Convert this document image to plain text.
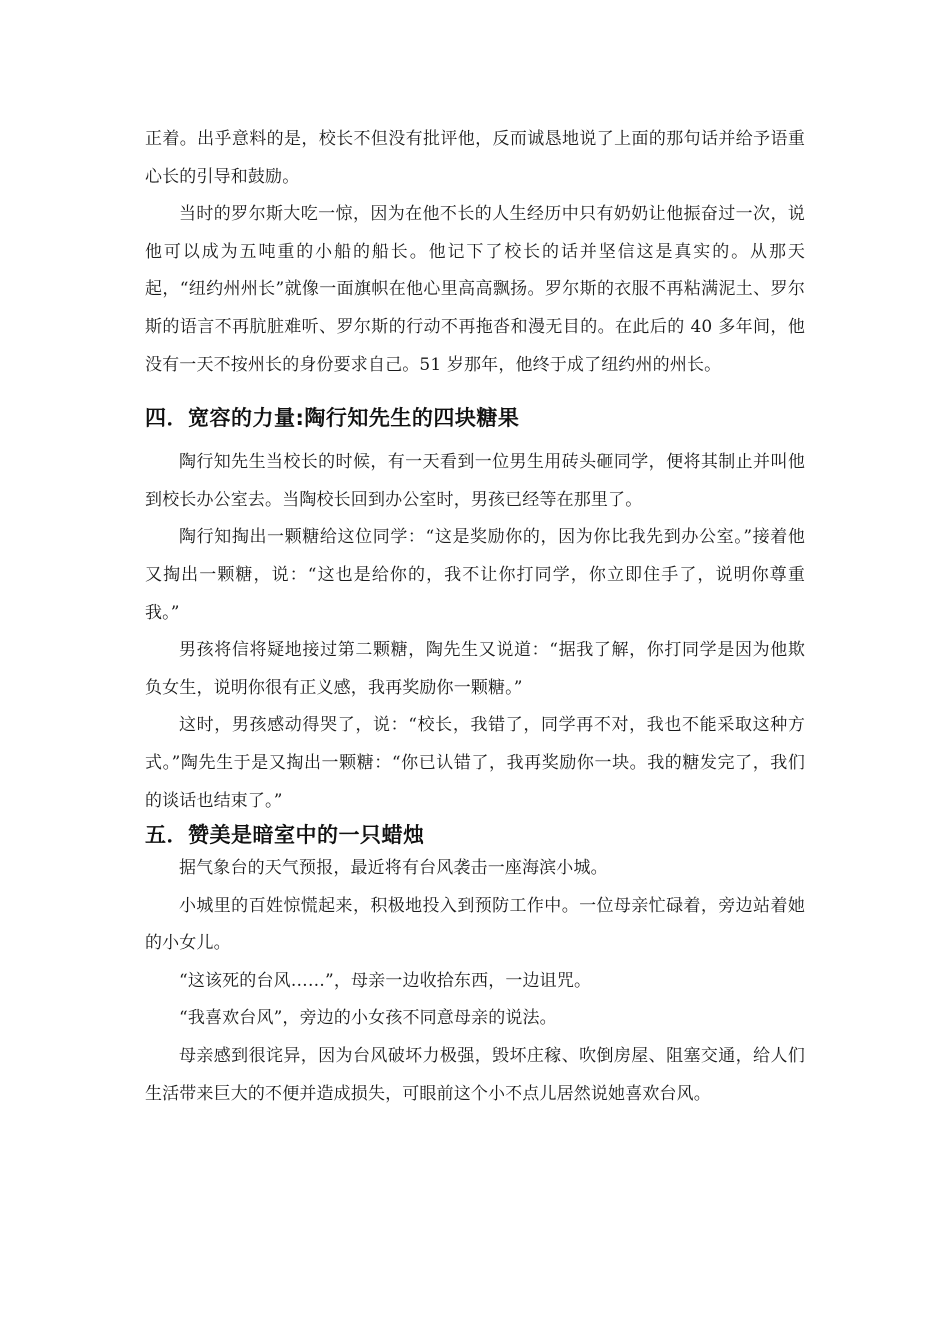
正着。出乎意料的是，校长不但没有批评他，反而诚恳地说了上面的那句话并给予语重心长的引导和鼓励。

当时的罗尔斯大吃一惊，因为在他不长的人生经历中只有奶奶让他振奋过一次，说他可以成为五吨重的小船的船长。他记下了校长的话并坚信这是真实的。从那天起，“纽约州州长”就像一面旗帜在他心里高高飘扬。罗尔斯的衣服不再粘满泥土、罗尔斯的语言不再肮脏难听、罗尔斯的行动不再拖沓和漫无目的。在此后的 40 多年间，他没有一天不按州长的身份要求自己。51 岁那年，他终于成了纽约州的州长。

四．宽容的力量:陶行知先生的四块糖果

陶行知先生当校长的时候，有一天看到一位男生用砖头砸同学，便将其制止并叫他到校长办公室去。当陶校长回到办公室时，男孩已经等在那里了。

陶行知掏出一颗糖给这位同学：“这是奖励你的，因为你比我先到办公室。”接着他又掏出一颗糖，说：“这也是给你的，我不让你打同学，你立即住手了，说明你尊重我。”

男孩将信将疑地接过第二颗糖，陶先生又说道：“据我了解，你打同学是因为他欺负女生，说明你很有正义感，我再奖励你一颗糖。”

这时，男孩感动得哭了，说：“校长，我错了，同学再不对，我也不能采取这种方式。”陶先生于是又掏出一颗糖：“你已认错了，我再奖励你一块。我的糖发完了，我们的谈话也结束了。”

五．赞美是暗室中的一只蜡烛

据气象台的天气预报，最近将有台风袭击一座海滨小城。

小城里的百姓惊慌起来，积极地投入到预防工作中。一位母亲忙碌着，旁边站着她的小女儿。

“这该死的台风……”，母亲一边收拾东西，一边诅咒。

“我喜欢台风”，旁边的小女孩不同意母亲的说法。

母亲感到很诧异，因为台风破坏力极强，毁坏庄稼、吹倒房屋、阻塞交通，给人们生活带来巨大的不便并造成损失，可眼前这个小不点儿居然说她喜欢台风。
